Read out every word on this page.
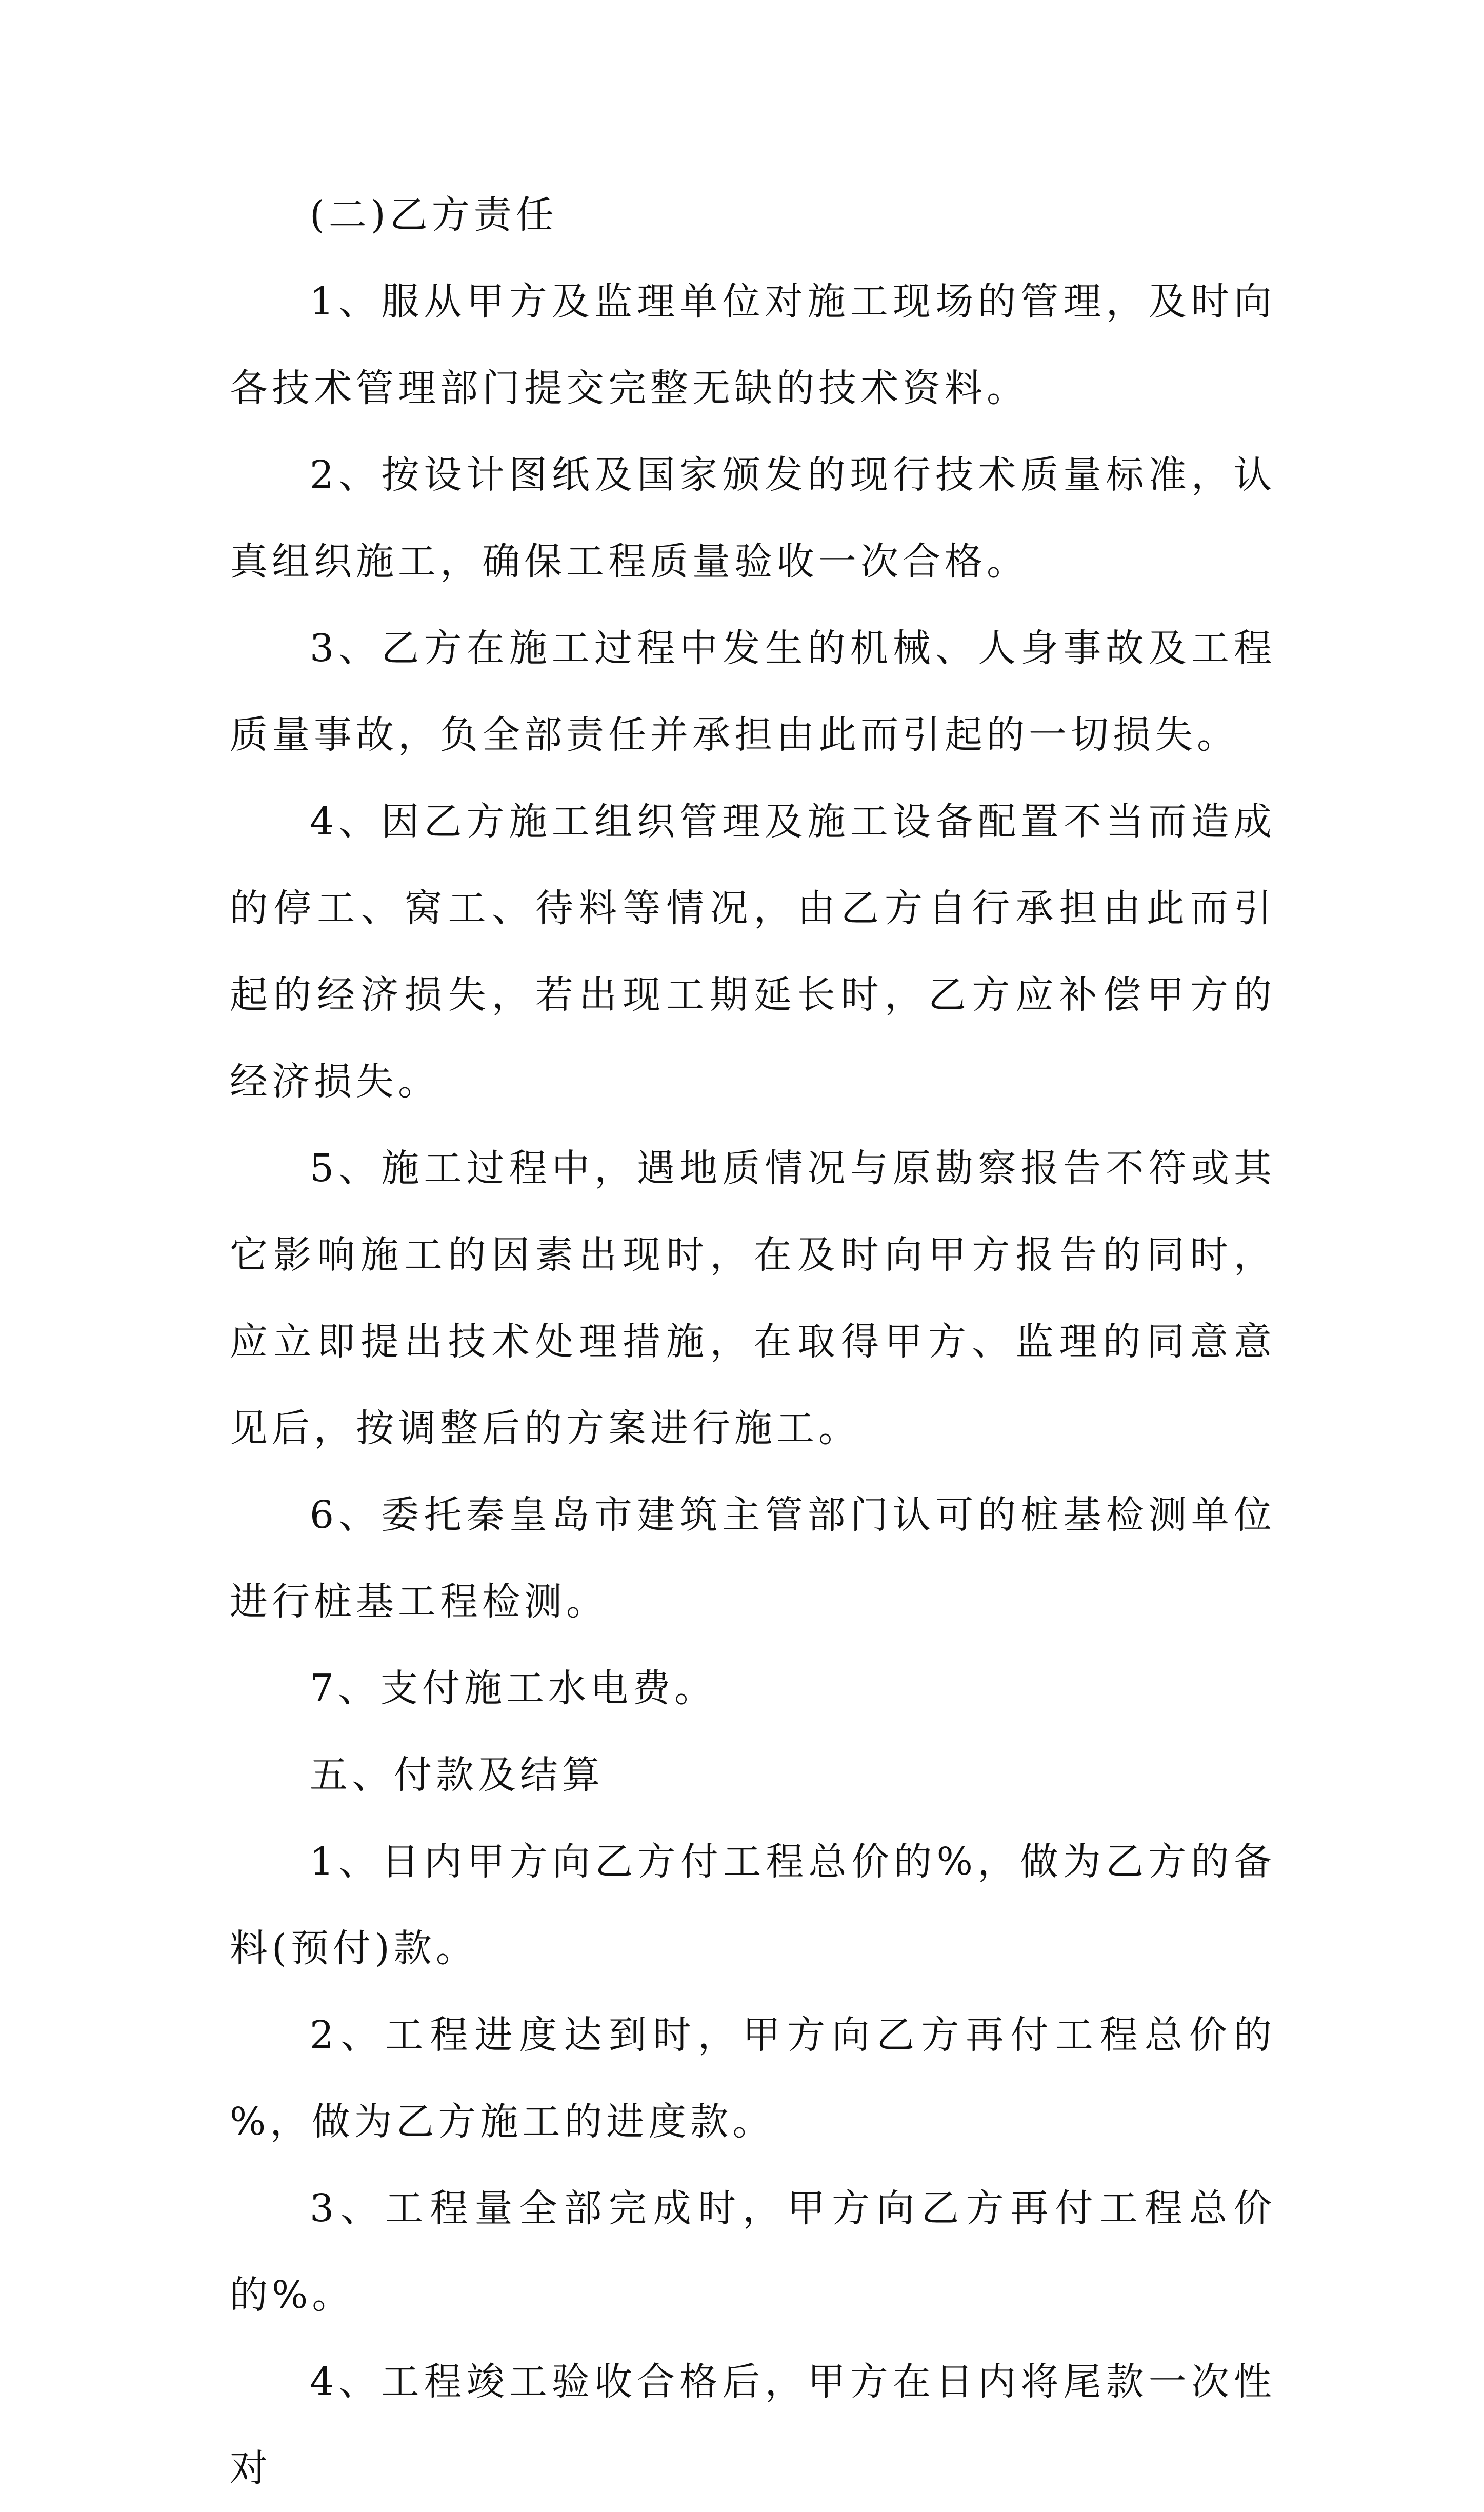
(二)乙方责任

1、服从甲方及监理单位对施工现场的管理，及时向各技术管理部门提交完整无缺的技术资料。

2、按设计图纸及国家颁发的现行技术质量标准，认真组织施工，确保工程质量验收一次合格。

3、乙方在施工过程中发生的机械、人身事故及工程质量事故，负全部责任并承担由此而引起的一切损失。

4、因乙方施工组织管理及施工设备配置不当而造成的停工、窝工、待料等情况，由乙方自行承担由此而引起的经济损失，若出现工期延长时，乙方应补偿甲方的经济损失。

5、施工过程中，遇地质情况与原勘察报告不符或其它影响施工的因素出现时，在及时向甲方报告的同时，应立即提出技术处理措施，在取得甲方、监理的同意意见后，按调整后的方案进行施工。

6、委托秦皇岛市建筑主管部门认可的桩基检测单位进行桩基工程检测。

7、支付施工水电费。

五、付款及结算

1、日内甲方向乙方付工程总价的%，做为乙方的备料(预付)款。

2、工程进度达到时，甲方向乙方再付工程总价的 %，做为乙方施工的进度款。

3、工程量全部完成时，甲方向乙方再付工程总价的%。

4、工程竣工验收合格后，甲方在日内将尾款一次性对
